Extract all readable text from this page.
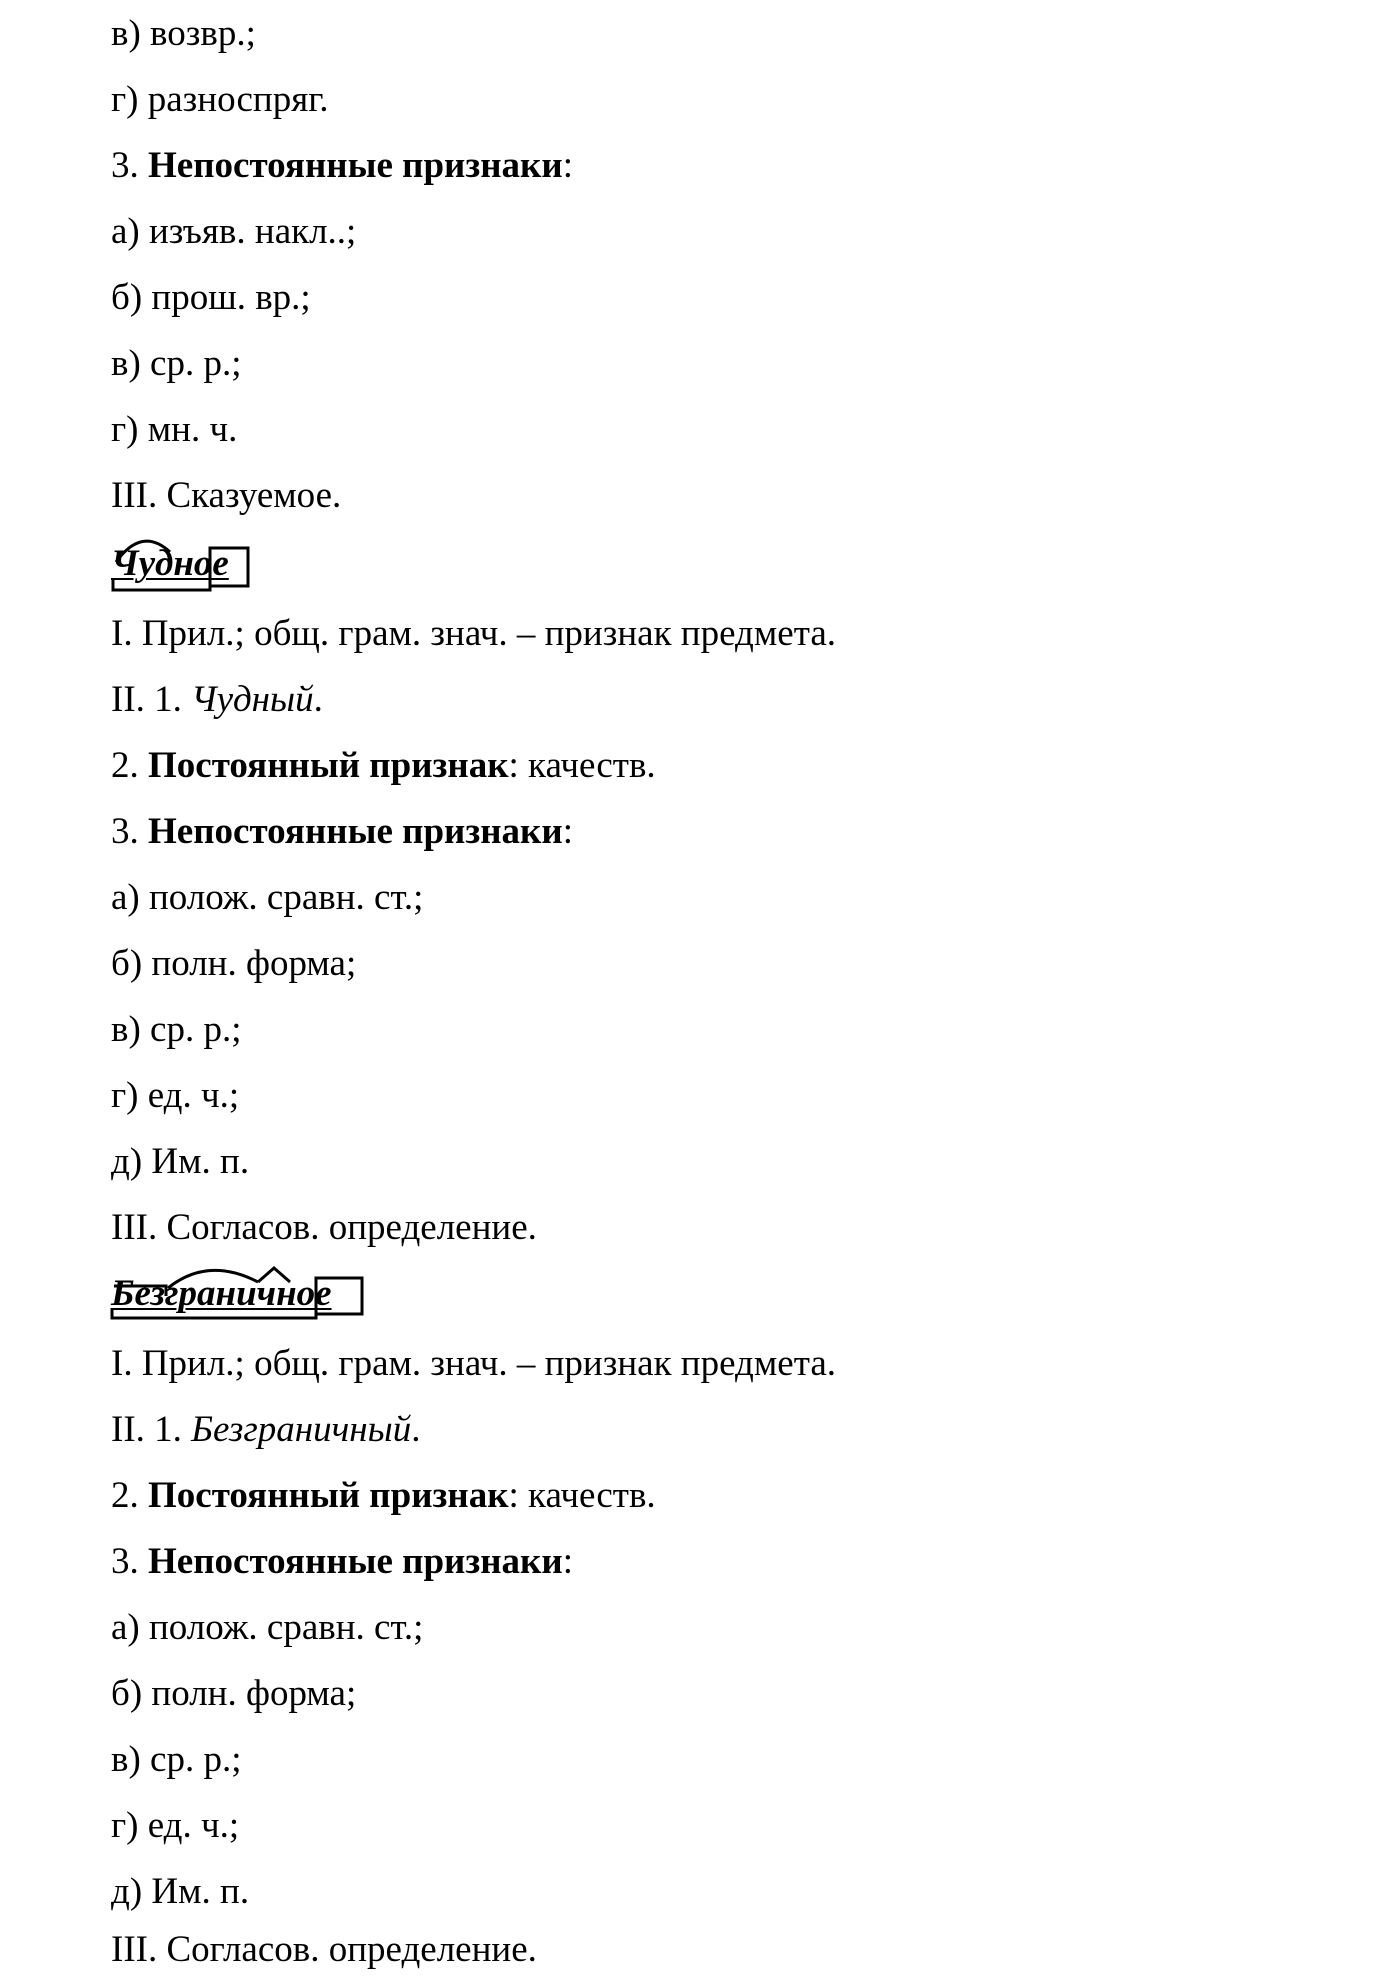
в) возвр.;
г) разноспряг.
3. Непостоянные признаки:
а) изъяв. накл..;
б) прош. вр.;
в) ср. р.;
г) мн. ч.
III. Сказуемое.
Чудное
I. Прил.; общ. грам. знач. – признак предмета.
II. 1. Чудный.
2. Постоянный признак: качеств.
3. Непостоянные признаки:
а) полож. сравн. ст.;
б) полн. форма;
в) ср. р.;
г) ед. ч.;
д) Им. п.
III. Согласов. определение.
Безграничное
I. Прил.; общ. грам. знач. – признак предмета.
II. 1. Безграничный.
2. Постоянный признак: качеств.
3. Непостоянные признаки:
а) полож. сравн. ст.;
б) полн. форма;
в) ср. р.;
г) ед. ч.;
д) Им. п.
III. Согласов. определение.
